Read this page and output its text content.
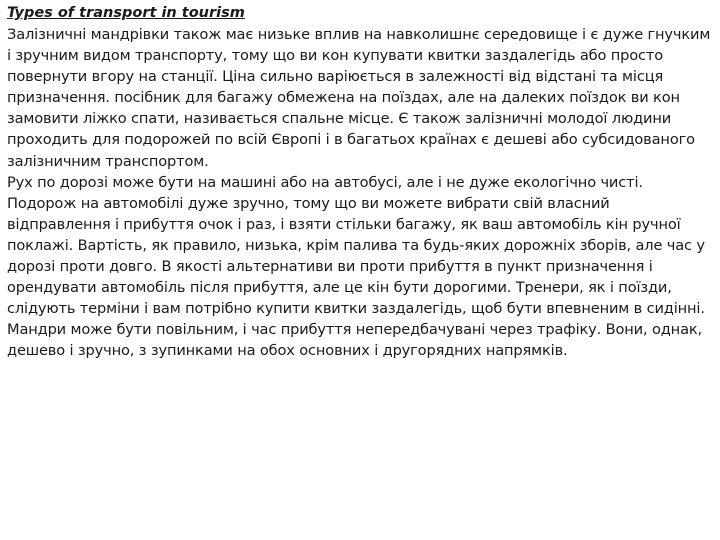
Types of transport in tourism
Залізничні мандрівки також має низьке вплив на навколишнє середовище і є дуже гнучким
і зручним видом транспорту, тому що ви кон купувати квитки заздалегідь або просто
повернути вгору на станції. Ціна сильно варіюється в залежності від відстані та місця
призначення. посібник для багажу обмежена на поїздах, але на далеких поїздок ви кон
замовити ліжко спати, називається спальне місце. Є також залізничні молодої людини
проходить для подорожей по всій Європі і в багатьох країнах є дешеві або субсидованого
залізничним транспортом.
Рух по дорозі може бути на машині або на автобусі, але і не дуже екологічно чисті.
Подорож на автомобілі дуже зручно, тому що ви можете вибрати свій власний
відправлення і прибуття очок і раз, і взяти стільки багажу, як ваш автомобіль кін ручної
поклажі. Вартість, як правило, низька, крім палива та будь-яких дорожніх зборів, але час у
дорозі проти довго. В якості альтернативи ви проти прибуття в пункт призначення і
орендувати автомобіль після прибуття, але це кін бути дорогими. Тренери, як і поїзди,
слідують терміни і вам потрібно купити квитки заздалегідь, щоб бути впевненим в сидінні.
Мандри може бути повільним, і час прибуття непередбачувані через трафіку. Вони, однак,
дешево і зручно, з зупинками на обох основних і другорядних напрямків.
